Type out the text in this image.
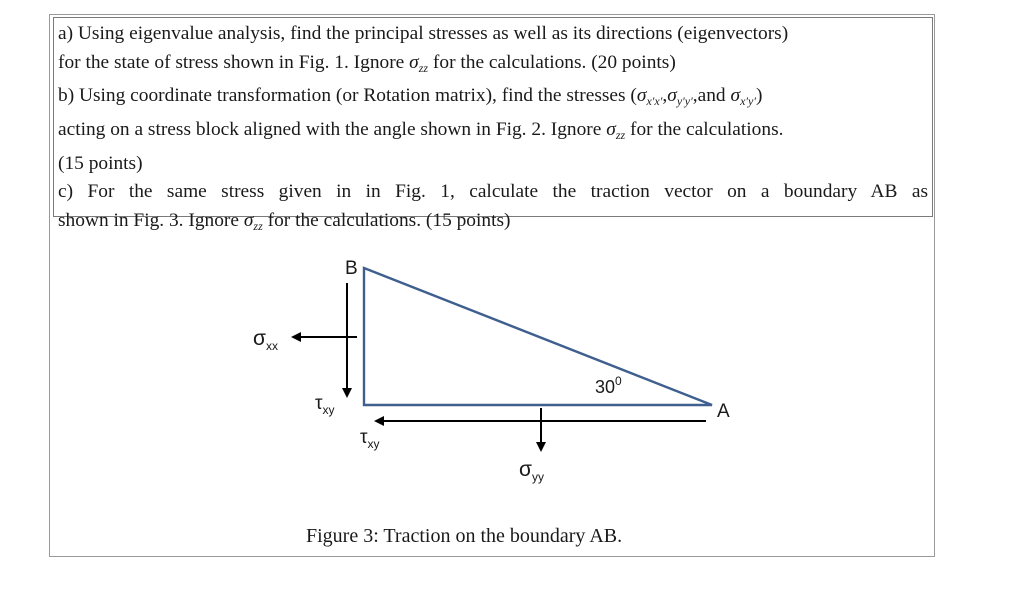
a) Using eigenvalue analysis, find the principal stresses as well as its directions (eigenvectors)
for the state of stress shown in Fig. 1. Ignore $\sigma_{zz}$ for the calculations. (20 points)
b) Using coordinate transformation (or Rotation matrix), find the stresses ($\sigma_{x'x'},\sigma_{y'y'},and$ $\sigma_{x'y'}$)
acting on a stress block aligned with the angle shown in Fig. 2. Ignore $\sigma_{zz}$ for the calculations.
(15 points)
c) For the same stress given in in Fig. 1, calculate the traction vector on a boundary AB as
shown in Fig. 3. Ignore $\sigma_{zz}$ for the calculations. (15 points)
B
A
$30^0$
$\sigma_{xx}$
$\tau_{xy}$
$\tau_{xy}$
$\sigma_{yy}$
Figure 3: Traction on the boundary AB.
